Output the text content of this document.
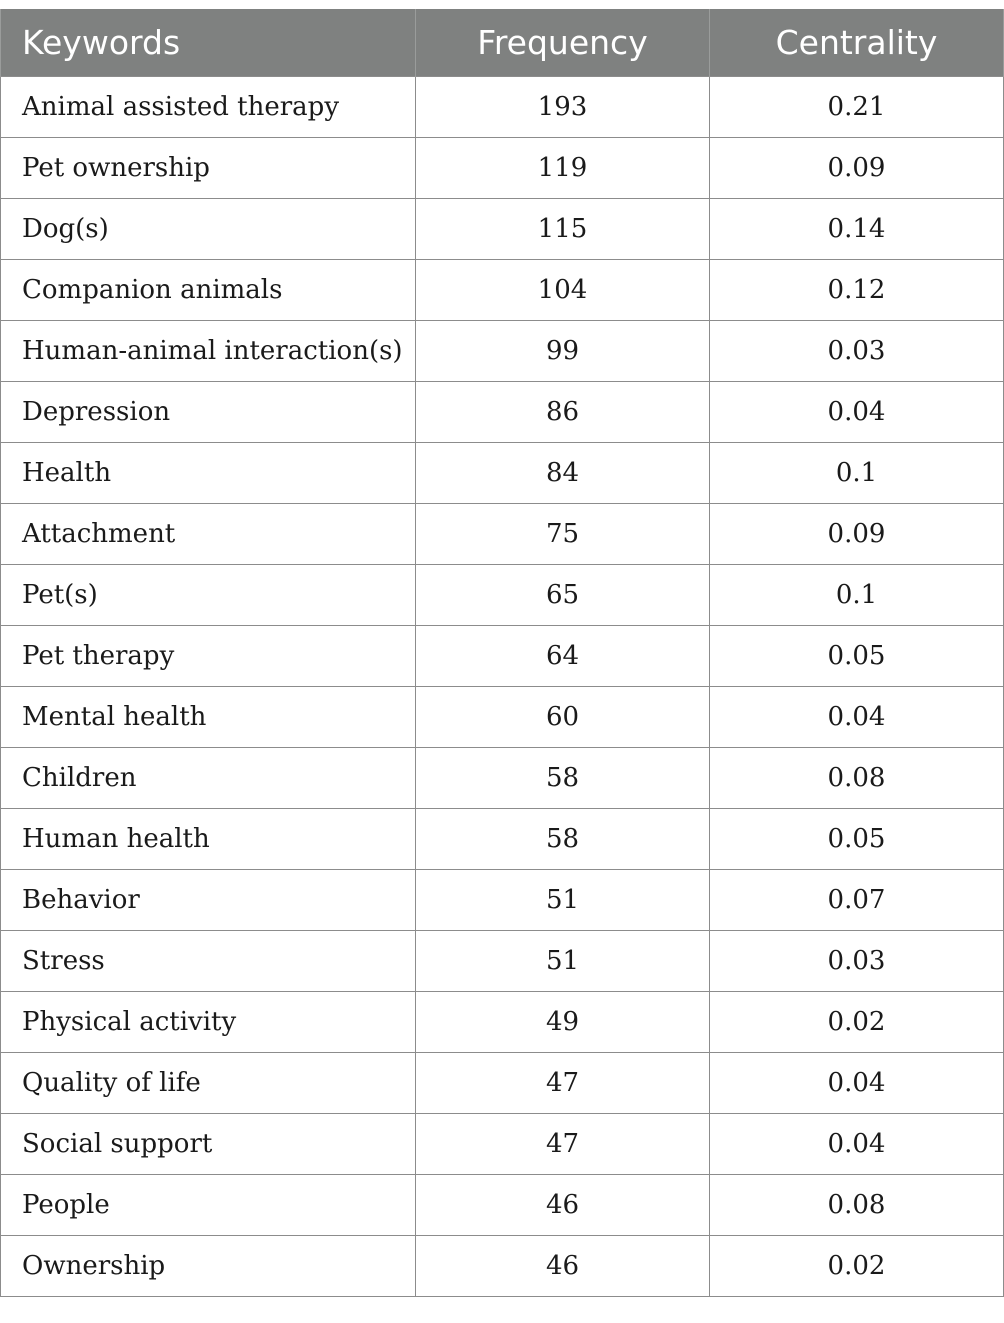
Keywords	Frequency	Centrality
Animal assisted therapy	193	0.21
Pet ownership	119	0.09
Dog(s)	115	0.14
Companion animals	104	0.12
Human-animal interaction(s)	99	0.03
Depression	86	0.04
Health	84	0.1
Attachment	75	0.09
Pet(s)	65	0.1
Pet therapy	64	0.05
Mental health	60	0.04
Children	58	0.08
Human health	58	0.05
Behavior	51	0.07
Stress	51	0.03
Physical activity	49	0.02
Quality of life	47	0.04
Social support	47	0.04
People	46	0.08
Ownership	46	0.02
